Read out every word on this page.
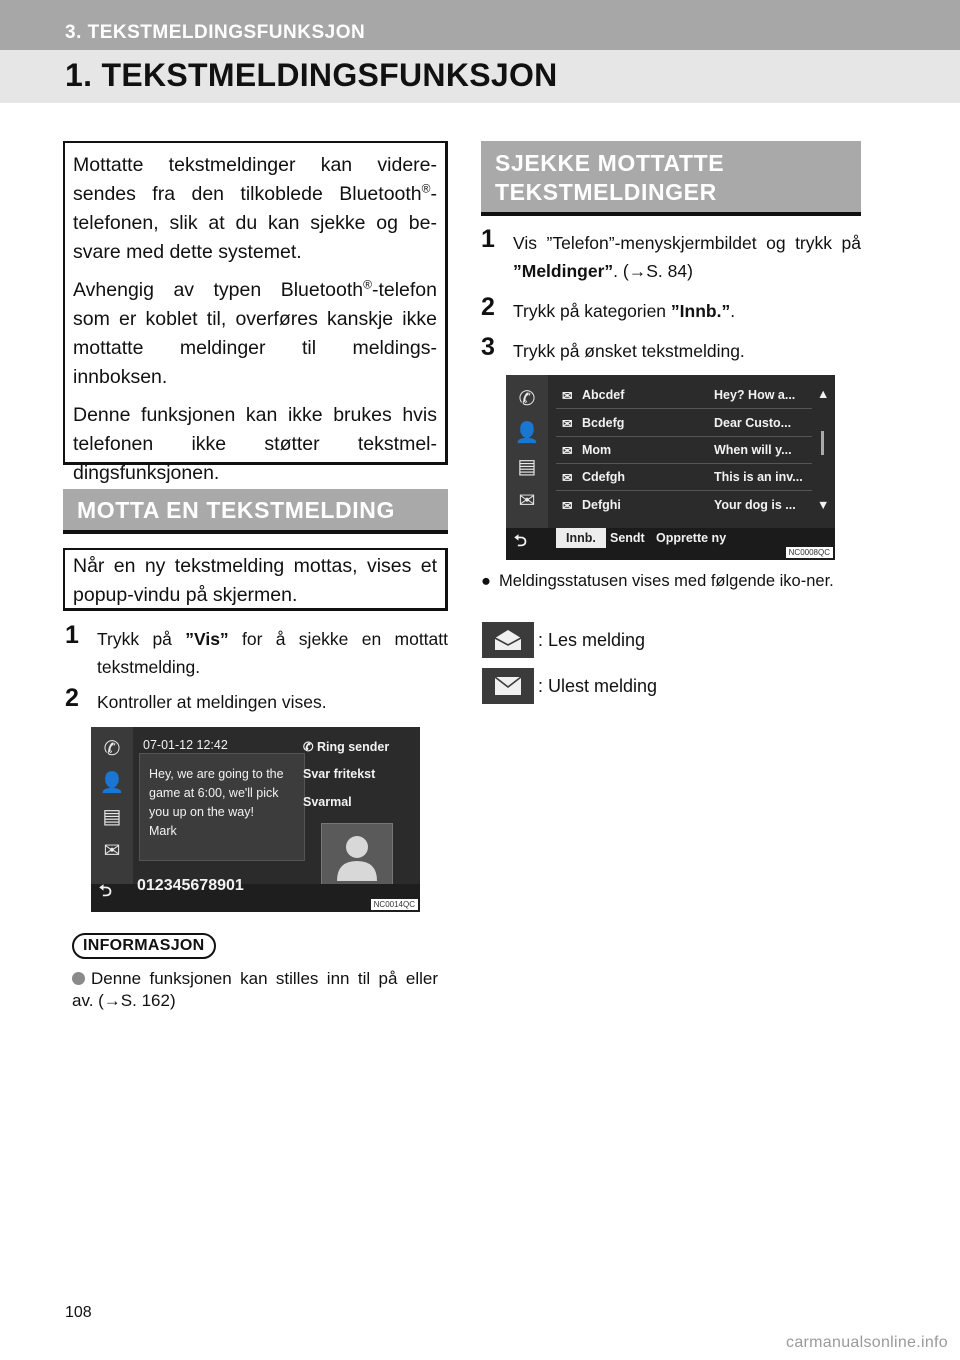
3. TEKSTMELDINGSFUNKSJON
1. TEKSTMELDINGSFUNKSJON

Mottatte tekstmeldinger kan videre-sendes fra den tilkoblede Bluetooth®-telefonen, slik at du kan sjekke og be-svare med dette systemet.

Avhengig av typen Bluetooth®-telefon som er koblet til, overføres kanskje ikke mottatte meldinger til meldings-innboksen.

Denne funksjonen kan ikke brukes hvis telefonen ikke støtter tekstmel-dingsfunksjonen.

MOTTA EN TEKSTMELDING
Når en ny tekstmelding mottas, vises et popup-vindu på skjermen.
1	Trykk på ”Vis” for å sjekke en mottatt tekstmelding.
2	Kontroller at meldingen vises.
✆
👤
▤
✉
07-01-12 12:42
Hey, we are going to the
game at 6:00, we'll pick
you up on the way!
Mark
✆ Ring sender
Svar fritekst
Svarmal
⮌ 012345678901
NC0014QC
INFORMASJON
Denne funksjonen kan stilles inn til på eller av. (→S. 162)
SJEKKE MOTTATTE
TEKSTMELDINGER
1	Vis ”Telefon”-menyskjermbildet og trykk på ”Meldinger”. (→S. 84)
2	Trykk på kategorien ”Innb.”.
3	Trykk på ønsket tekstmelding.
✆
👤
▤
✉
✉ Abcdef	Hey? How a...
✉ Bcdefg	Dear Custo...
✉ Mom	When will y...
✉ Cdefgh	This is an inv...
✉ Defghi	Your dog is ...
▲
▼
⮌	Innb.	Sendt Opprette ny
NC0008QC
● Meldingsstatusen vises med følgende iko-ner.
: Les melding
: Ulest melding
108
carmanualsonline.info
